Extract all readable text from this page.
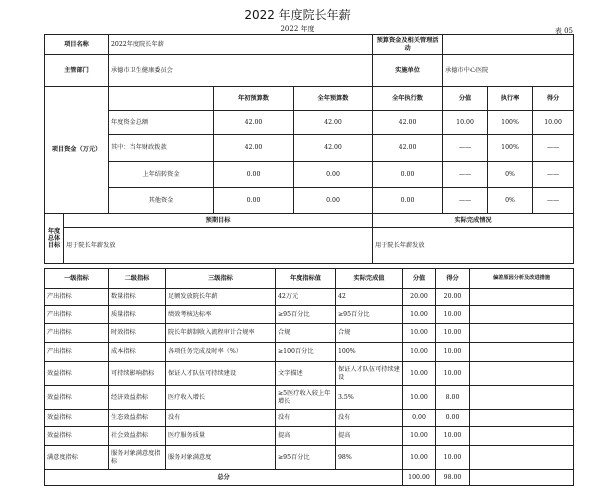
2022 年度院长年薪
2022 年度	表 05
项目名称		2022年度院长年薪			预算资金及相关管理活动			
主管部门		承德市卫生健康委员会			实施单位	承德市中心医院		
项目资金（万元）			年初预算数	全年预算数	全年执行数	分值	执行率	得分
		年度资金总额	42.00	42.00	42.00	10.00	100%	10.00
		其中：当年财政拨款	42.00	42.00	42.00	——	100%	——
		上年结转资金	0.00	0.00	0.00	——	0%	——
		其他资金	0.00	0.00	0.00	——	0%	——
年度总体目标	预期目标				实际完成情况			
	用于院长年薪发放				用于院长年薪发放			
一级指标	二级指标	三级指标	年度指标值	实际完成值	分值	得分	偏差原因分析及改进措施
产出指标	数量指标	足额发放院长年薪	42万元	42	20.00	20.00	
产出指标	质量指标	绩效考核达标率	≥95百分比	≥95百分比	10.00	10.00	
产出指标	时效指标	院长年薪制收入流程审计合规率	合规	合规	10.00	10.00	
产出指标	成本指标	各项任务完成及时率（%）	≥100百分比	100%	10.00	10.00	
效益指标	可持续影响指标	保证人才队伍可持续建设	文字描述	保证人才队伍可持续建设	10.00	10.00	
效益指标	经济效益指标	医疗收入增长	≥5医疗收入较上年增长	3.5%	10.00	8.00	
效益指标	生态效益指标	没有	没有	没有	0.00	0.00	
效益指标	社会效益指标	医疗服务质量	提高	提高	10.00	10.00	
满意度指标	服务对象满意度指标	服务对象满意度	≥95百分比	98%	10.00	10.00	
总分					100.00	98.00	
